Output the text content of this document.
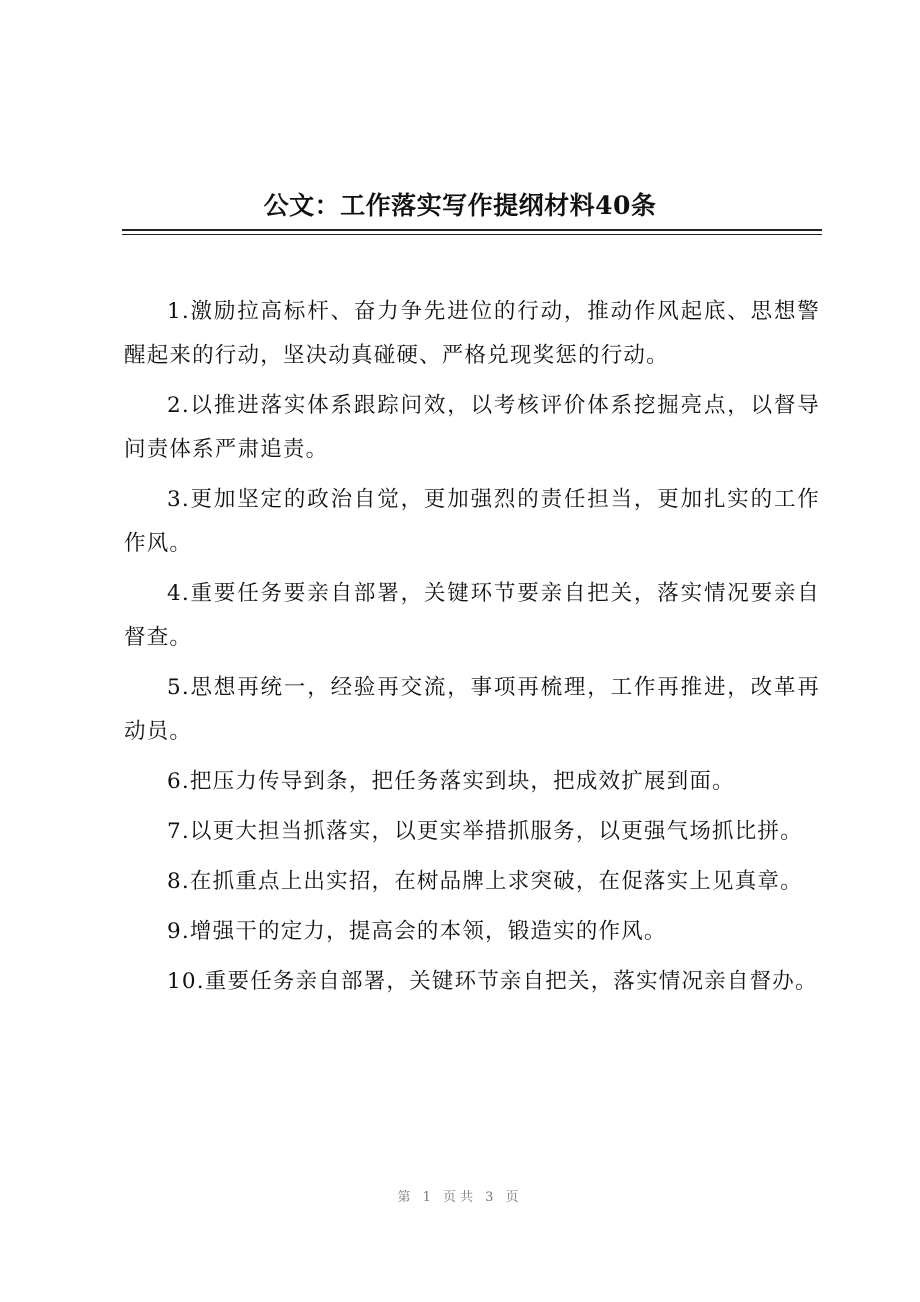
公文：工作落实写作提纲材料40条

1.激励拉高标杆、奋力争先进位的行动，推动作风起底、思想警醒起来的行动，坚决动真碰硬、严格兑现奖惩的行动。

2.以推进落实体系跟踪问效，以考核评价体系挖掘亮点，以督导问责体系严肃追责。

3.更加坚定的政治自觉，更加强烈的责任担当，更加扎实的工作作风。

4.重要任务要亲自部署，关键环节要亲自把关，落实情况要亲自督查。

5.思想再统一，经验再交流，事项再梳理，工作再推进，改革再动员。

6.把压力传导到条，把任务落实到块，把成效扩展到面。

7.以更大担当抓落实，以更实举措抓服务，以更强气场抓比拼。

8.在抓重点上出实招，在树品牌上求突破，在促落实上见真章。

9.增强干的定力，提高会的本领，锻造实的作风。

10.重要任务亲自部署，关键环节亲自把关，落实情况亲自督办。

第 1 页共 3 页
